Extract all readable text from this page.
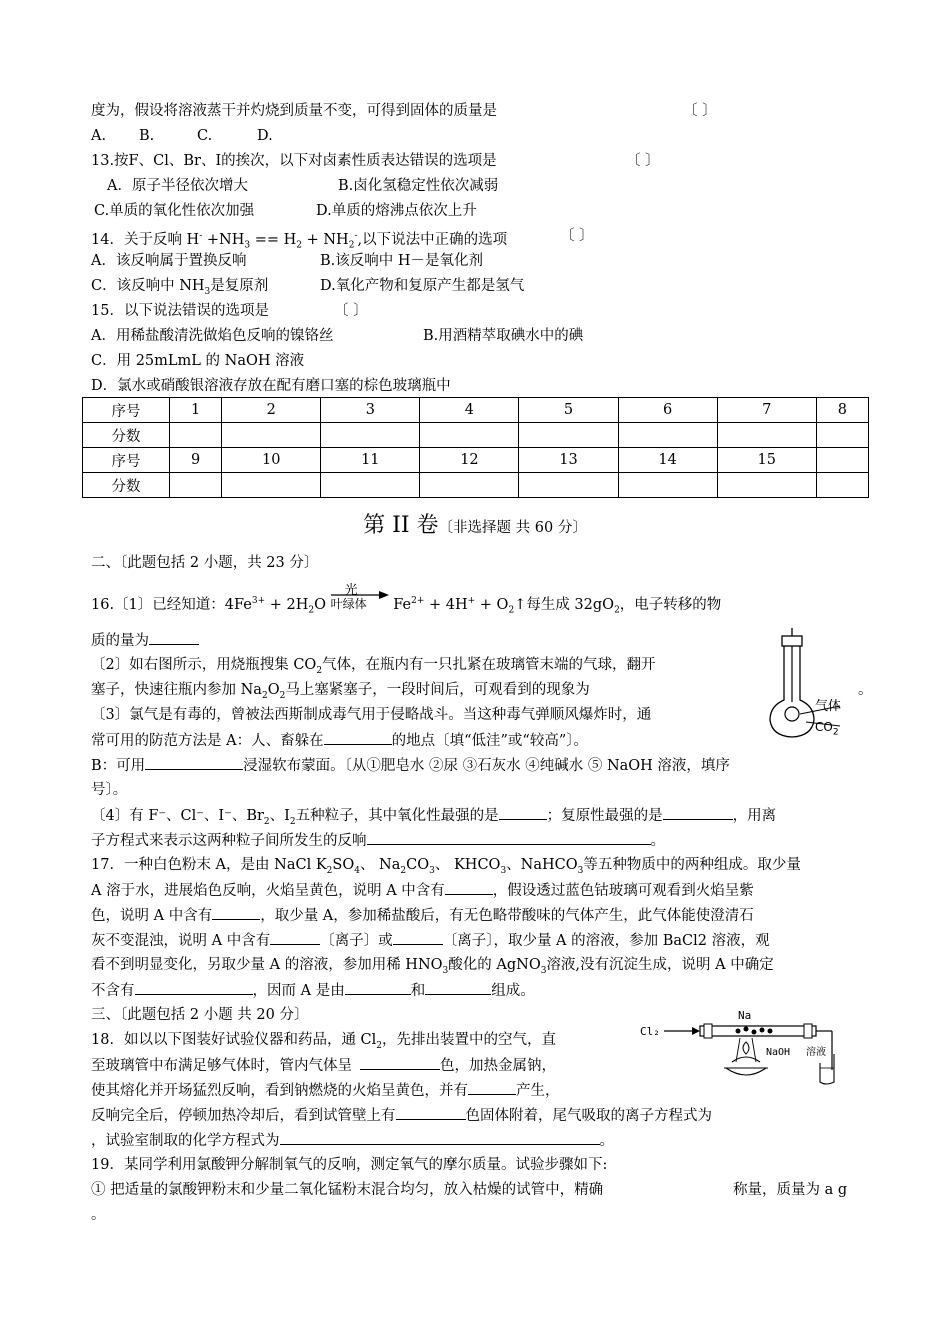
度为，假设将溶液蒸干并灼烧到质量不变，可得到固体的质量是	〔 〕
A. B.	C.	D.
13.按F、Cl、Br、I的挨次，以下对卤素性质表达错误的选项是	〔 〕
A．原子半径依次增大	B.卤化氢稳定性依次减弱
C.单质的氧化性依次加强	D.单质的熔沸点依次上升
14．关于反响 $H^- +NH_3 == H_2 + NH_2^-$,以下说法中正确的选项	〔 〕
A．该反响属于置换反响	B.该反响中 H－是氧化剂
C．该反响中 $NH_3$是复原剂	D.氧化产物和复原产生都是氢气
15．以下说法错误的选项是	〔 〕
A．用稀盐酸清洗做焰色反响的镍铬丝	B.用酒精萃取碘水中的碘
C．用 25mLmL 的 NaOH 溶液
D．氯水或硝酸银溶液存放在配有磨口塞的棕色玻璃瓶中
序号	1	2	3	4	5	6	7	8
分数								
序号	9	10	11	12	13	14	15	
分数								
第 II 卷〔非选择题 共 60 分〕
二、〔此题包括 2 小题，共 23 分〕
16.〔1〕已经知道：$4Fe^{3+} + 2H_2O$
光
叶绿体 $Fe^{2+} + 4H^+$ + $O_2↑$每生成 $32gO_2$，电子转移的物
质的量为
〔2〕如右图所示，用烧瓶搜集 $CO_2$气体，在瓶内有一只扎紧在玻璃管末端的气球，翻开
塞子，快速往瓶内参加 $Na_2O_2$马上塞紧塞子，一段时间后，可观看到的现象为	。
气体
$CO_2$
〔3〕氯气是有毒的，曾被法西斯制成毒气用于侵略战斗。当这种毒气弹顺风爆炸时，通
常可用的防范方法是 A：人、畜躲在	的地点〔填“低洼”或“较高”〕。
B：可用	浸湿软布蒙面。〔从①肥皂水 ②尿 ③石灰水 ④纯碱水 ⑤ NaOH 溶液，填序
号〕。
〔4〕有 F⁻、Cl⁻、I⁻、$Br_2$、$I_2$五种粒子，其中氧化性最强的是	；复原性最强的是	，用离
子方程式来表示这两种粒子间所发生的反响	。
17．一种白色粉末 A，是由 NaCl $K_2SO_4$、 $Na_2CO_3$、 $KHCO_3$、NaHCO$_3$等五种物质中的两种组成。取少量
A 溶于水，进展焰色反响，火焰呈黄色，说明 A 中含有	，假设透过蓝色钴玻璃可观看到火焰呈紫
色，说明 A 中含有	，取少量 A，参加稀盐酸后，有无色略带酸味的气体产生，此气体能使澄清石
灰不变混浊，说明 A 中含有	〔离子〕或	〔离子〕，取少量 A 的溶液，参加 BaCl2 溶液，观
看不到明显变化，另取少量 A 的溶液，参加用稀 $HNO_3$酸化的 AgNO$_3$溶液,没有沉淀生成，说明 A 中确定
不含有	，因而 A 是由	和	组成。
三、〔此题包括 2 小题 共 20 分〕
18．如以以下图装好试验仪器和药品，通 $Cl_2$，先排出装置中的空气，直
至玻璃管中布满足够气体时，管内气体呈	色，加热金属钠，
使其熔化并开场猛烈反响，看到钠燃烧的火焰呈黄色，并有	产生，
反响完全后，停顿加热冷却后，看到试管壁上有	色固体附着，尾气吸取的离子方程式为
，试验室制取的化学方程式为	。
Na
Cl₂
NaOH 溶液
19．某同学利用氯酸钾分解制氧气的反响，测定氧气的摩尔质量。试验步骤如下:
① 把适量的氯酸钾粉末和少量二氧化锰粉末混合均匀，放入枯燥的试管中，精确	称量，质量为 a g
。
